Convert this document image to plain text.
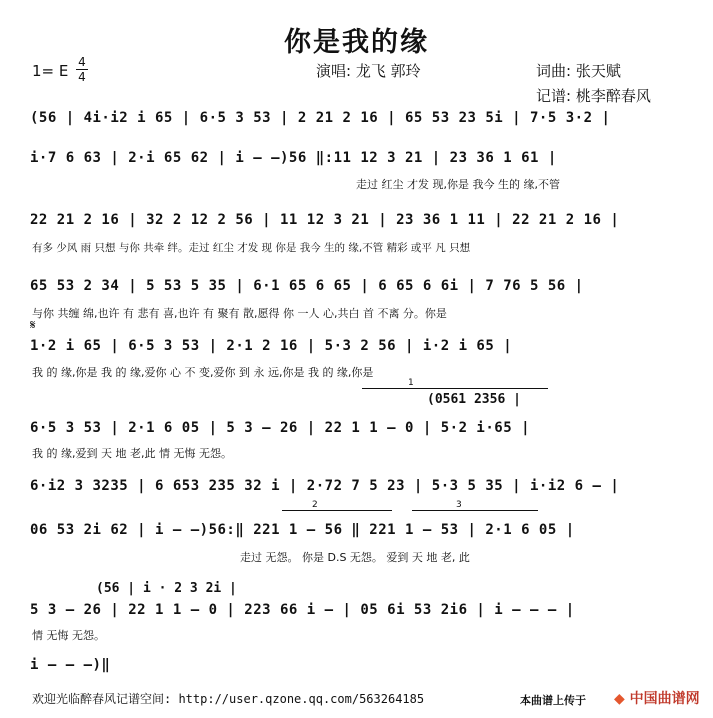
你是我的缘
1= E 4
4	演唱: 龙飞 郭玲	词曲: 张天赋
记谱: 桃李醉春风
(56 | 4i·i2 i 65 | 6·5 3 53 | 2 21 2 16 | 65 53 23 5i | 7·5 3·2 |
i·7 6 63 | 2·i 65 62 | i – –)56 ‖:11 12 3 21 | 23 36 1 61 |
走过 红尘 才发 现,你是 我今 生的 缘,不管
22 21 2 16 | 32 2 12 2 56 | 11 12 3 21 | 23 36 1 11 | 22 21 2 16 |
有多 少风 雨 只想 与你 共牵 绊。走过 红尘 才发 现 你是 我今 生的 缘,不管 精彩 或平 凡 只想
65 53 2 34 | 5 53 5 35 | 6·1 65 6 65 | 6 65 6 6i | 7 76 5 56 |
与你 共缠 绵,也许 有 悲有 喜,也许 有 聚有 散,愿得 你 一人 心,共白 首 不离 分。你是
𝄋
1·2 i 65 | 6·5 3 53 | 2·1 2 16 | 5·3 2 56 | i·2 i 65 |
我 的 缘,你是 我 的 缘,爱你 心 不 变,爱你 到 永 远,你是 我 的 缘,你是
1
(0561 2356 |
6·5 3 53 | 2·1 6 05 | 5 3 – 26 | 22 1 1 – 0 | 5·2 i·65 |
我 的 缘,爱到 天 地 老,此 情 无悔 无怨。
6·i2 3 3235 | 6 653 235 32 i | 2·72 7 5 23 | 5·3 5 35 | i·i2 6 – |
2	3
06 53 2i 62 | i – –)56:‖ 221 1 – 56 ‖ 221 1 – 53 | 2·1 6 05 |
走过 无怨。 你是 D.S 无怨。 爱到 天 地 老, 此
(56 | i · 2 3 2i |
5 3 – 26 | 22 1 1 – 0 | 223 66 i – | 05 6i 53 2i6 | i – – – |
情 无悔 无怨。
i – – –)‖
欢迎光临醉春风记谱空间: http://user.qzone.qq.com/563264185	本曲谱上传于 ◆ 中国曲谱网
